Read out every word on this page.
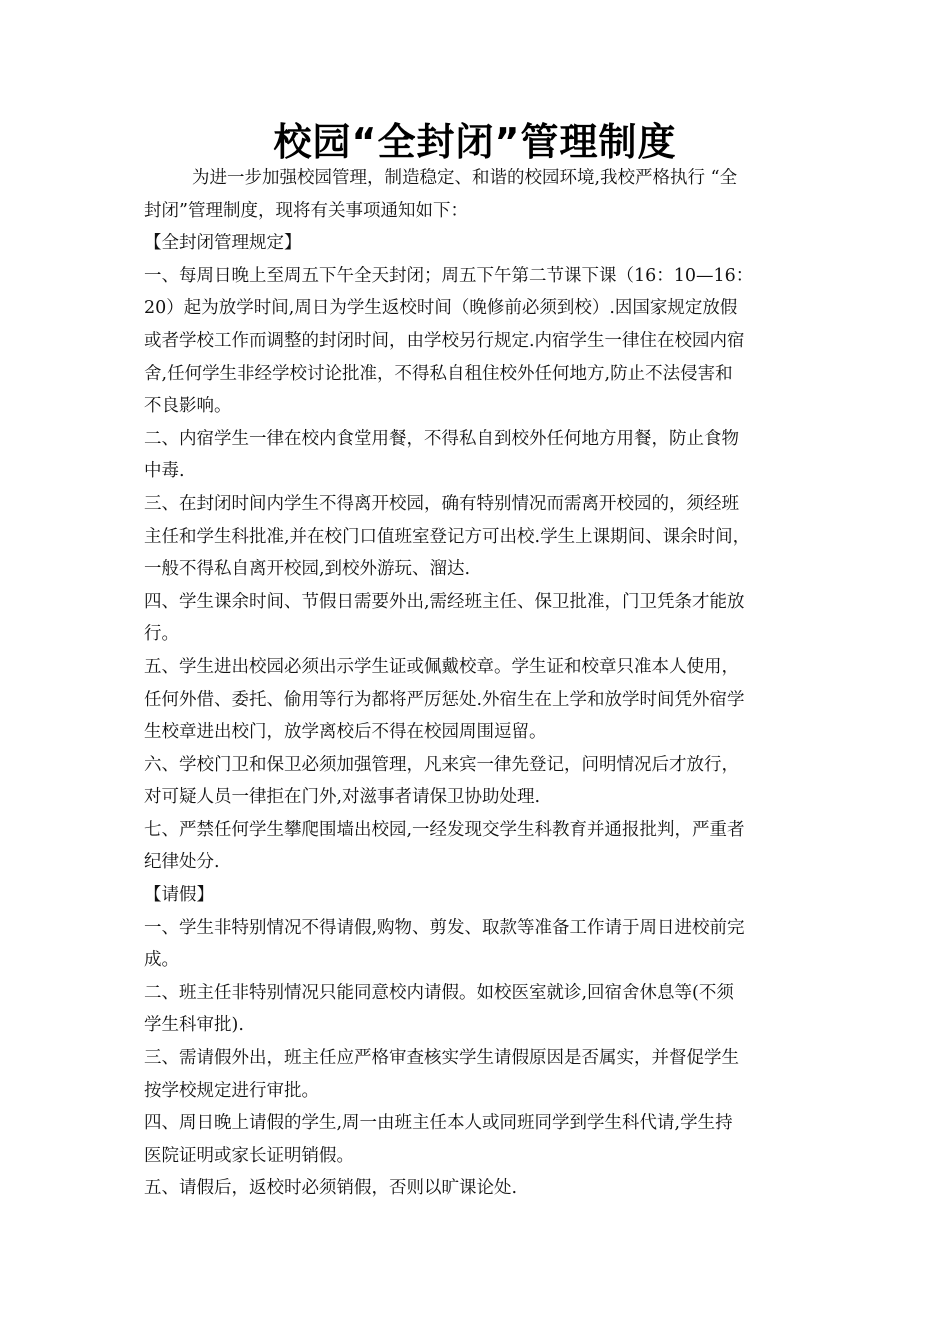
校园“全封闭”管理制度
为进一步加强校园管理，制造稳定、和谐的校园环境,我校严格执行 “全
封闭”管理制度，现将有关事项通知如下：
【全封闭管理规定】
一、每周日晚上至周五下午全天封闭；周五下午第二节课下课（16：10—16：
20）起为放学时间,周日为学生返校时间（晚修前必须到校）.因国家规定放假
或者学校工作而调整的封闭时间，由学校另行规定.内宿学生一律住在校园内宿
舍,任何学生非经学校讨论批准，不得私自租住校外任何地方,防止不法侵害和
不良影响。
二、内宿学生一律在校内食堂用餐，不得私自到校外任何地方用餐，防止食物
中毒.
三、在封闭时间内学生不得离开校园，确有特别情况而需离开校园的，须经班
主任和学生科批准,并在校门口值班室登记方可出校.学生上课期间、课余时间，
一般不得私自离开校园,到校外游玩、溜达.
四、学生课余时间、节假日需要外出,需经班主任、保卫批准，门卫凭条才能放
行。
五、学生进出校园必须出示学生证或佩戴校章。学生证和校章只准本人使用，
任何外借、委托、偷用等行为都将严厉惩处.外宿生在上学和放学时间凭外宿学
生校章进出校门，放学离校后不得在校园周围逗留。
六、学校门卫和保卫必须加强管理，凡来宾一律先登记，问明情况后才放行，
对可疑人员一律拒在门外,对滋事者请保卫协助处理.
七、严禁任何学生攀爬围墙出校园,一经发现交学生科教育并通报批判，严重者
纪律处分.
【请假】
一、学生非特别情况不得请假,购物、剪发、取款等准备工作请于周日进校前完
成。
二、班主任非特别情况只能同意校内请假。如校医室就诊,回宿舍休息等(不须
学生科审批).
三、需请假外出，班主任应严格审查核实学生请假原因是否属实，并督促学生
按学校规定进行审批。
四、周日晚上请假的学生,周一由班主任本人或同班同学到学生科代请,学生持
医院证明或家长证明销假。
五、请假后，返校时必须销假，否则以旷课论处.
